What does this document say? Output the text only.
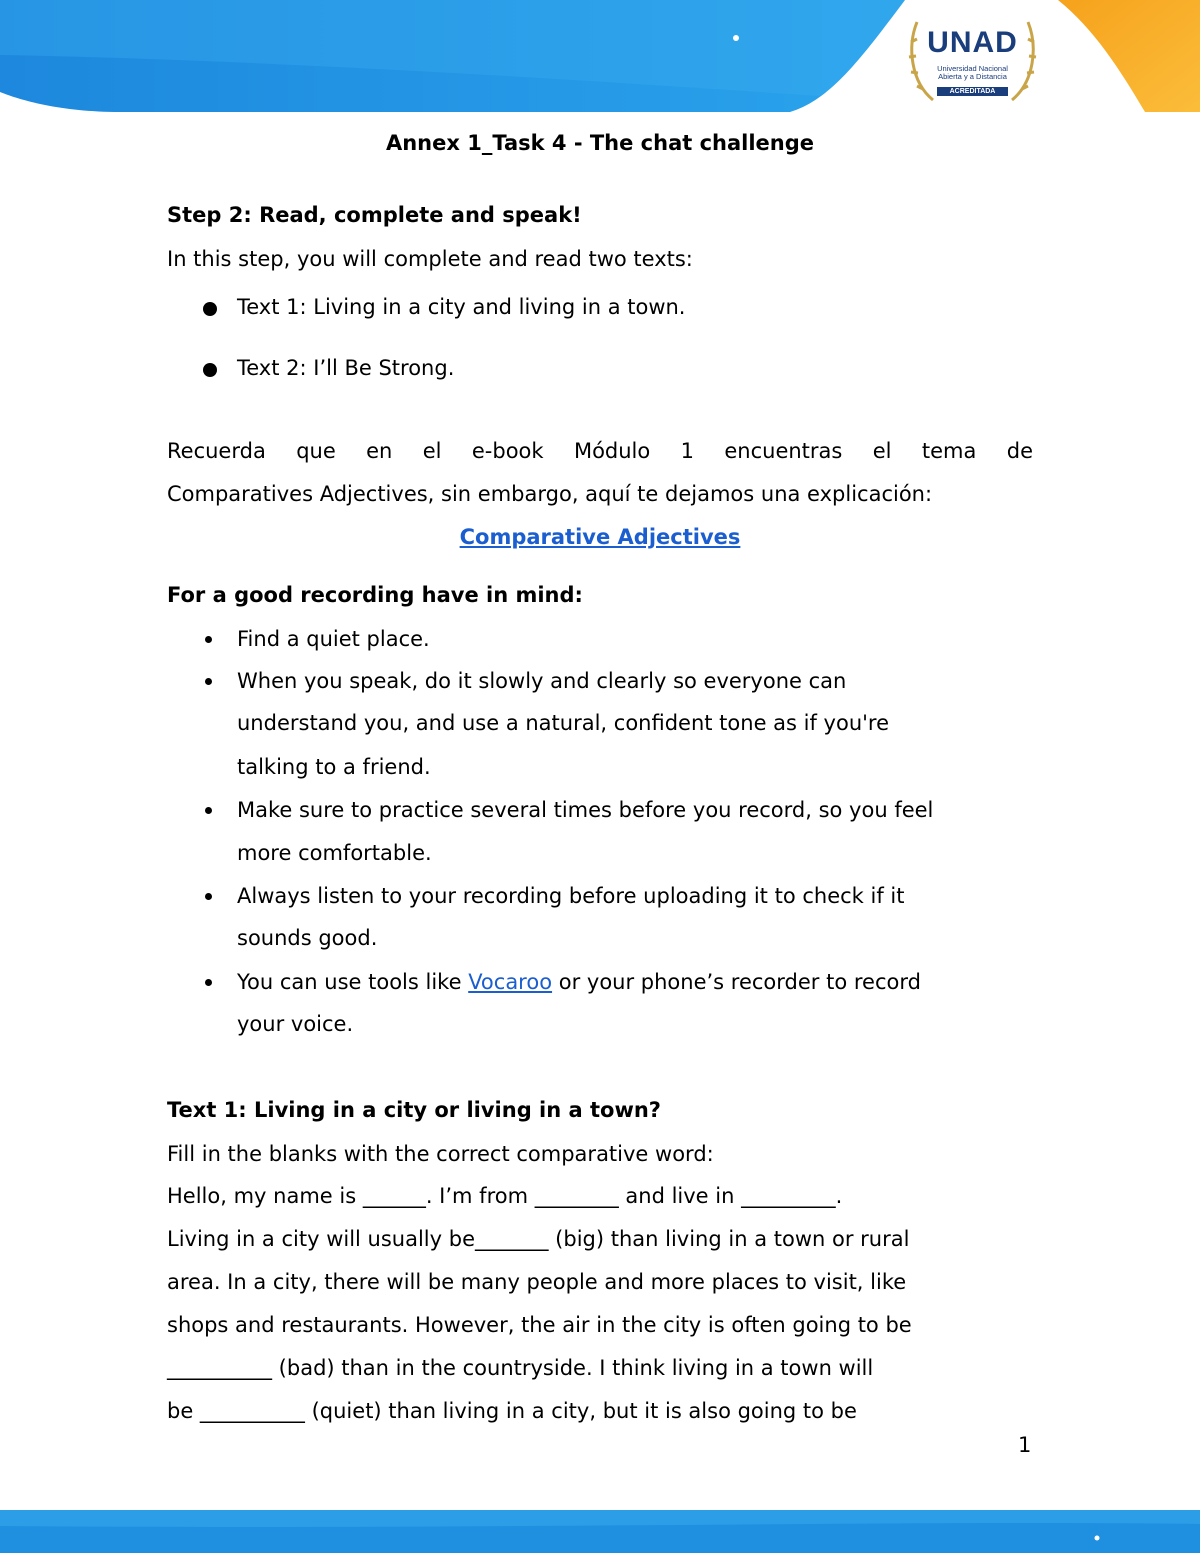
UNAD
Universidad Nacional
Abierta y a Distancia
ACREDITADA
Annex 1_Task 4 - The chat challenge
Step 2: Read, complete and speak!
In this step, you will complete and read two texts:
Text 1: Living in a city and living in a town.
Text 2: I’ll Be Strong.
Recuerda que en el e-book Módulo 1 encuentras el tema de
Comparatives Adjectives, sin embargo, aquí te dejamos una explicación:
Comparative Adjectives
For a good recording have in mind:
Find a quiet place.
When you speak, do it slowly and clearly so everyone can
understand you, and use a natural, confident tone as if you're
talking to a friend.
Make sure to practice several times before you record, so you feel
more comfortable.
Always listen to your recording before uploading it to check if it
sounds good.
You can use tools like Vocaroo or your phone’s recorder to record
your voice.
Text 1: Living in a city or living in a town?
Fill in the blanks with the correct comparative word:
Hello, my name is ______. I’m from ________ and live in _________.
Living in a city will usually be_______ (big) than living in a town or rural
area. In a city, there will be many people and more places to visit, like
shops and restaurants. However, the air in the city is often going to be
__________ (bad) than in the countryside. I think living in a town will
be __________ (quiet) than living in a city, but it is also going to be
1
